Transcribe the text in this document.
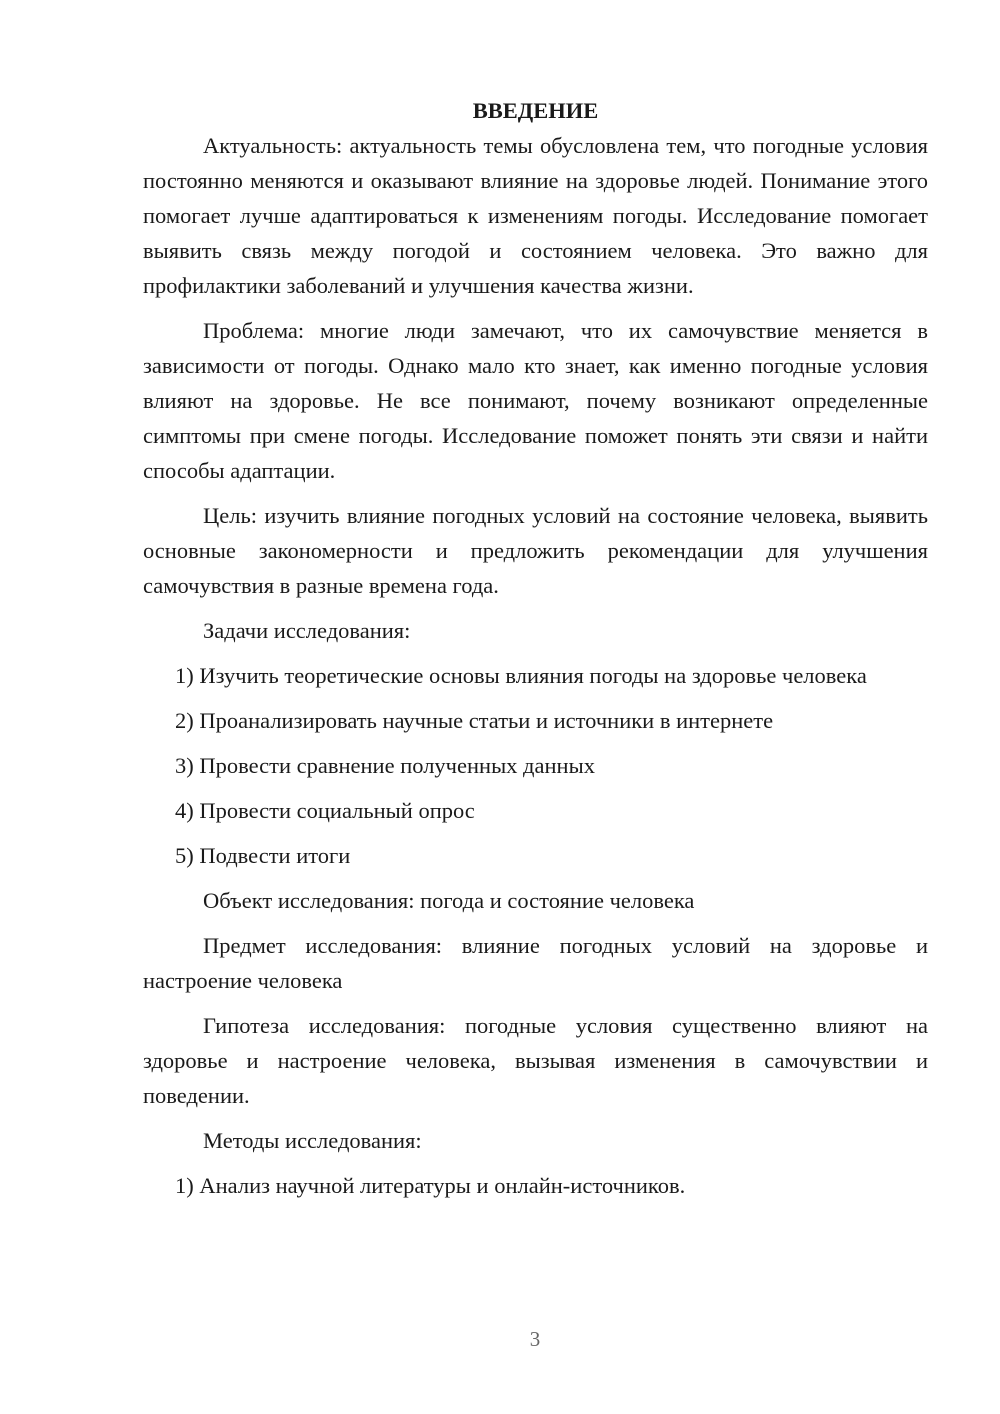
ВВЕДЕНИЕ

Актуальность: актуальность темы обусловлена тем, что погодные условия постоянно меняются и оказывают влияние на здоровье людей. Понимание этого помогает лучше адаптироваться к изменениям погоды. Исследование помогает выявить связь между погодой и состоянием человека. Это важно для профилактики заболеваний и улучшения качества жизни.

Проблема: многие люди замечают, что их самочувствие меняется в зависимости от погоды. Однако мало кто знает, как именно погодные условия влияют на здоровье. Не все понимают, почему возникают определенные симптомы при смене погоды. Исследование поможет понять эти связи и найти способы адаптации.

Цель: изучить влияние погодных условий на состояние человека, выявить основные закономерности и предложить рекомендации для улучшения самочувствия в разные времена года.

Задачи исследования:

1) Изучить теоретические основы влияния погоды на здоровье человека

2) Проанализировать научные статьи и источники в интернете

3) Провести сравнение полученных данных

4) Провести социальный опрос

5) Подвести итоги

Объект исследования: погода и состояние человека

Предмет исследования: влияние погодных условий на здоровье и настроение человека

Гипотеза исследования: погодные условия существенно влияют на здоровье и настроение человека, вызывая изменения в самочувствии и поведении.

Методы исследования:

1) Анализ научной литературы и онлайн-источников.

3
